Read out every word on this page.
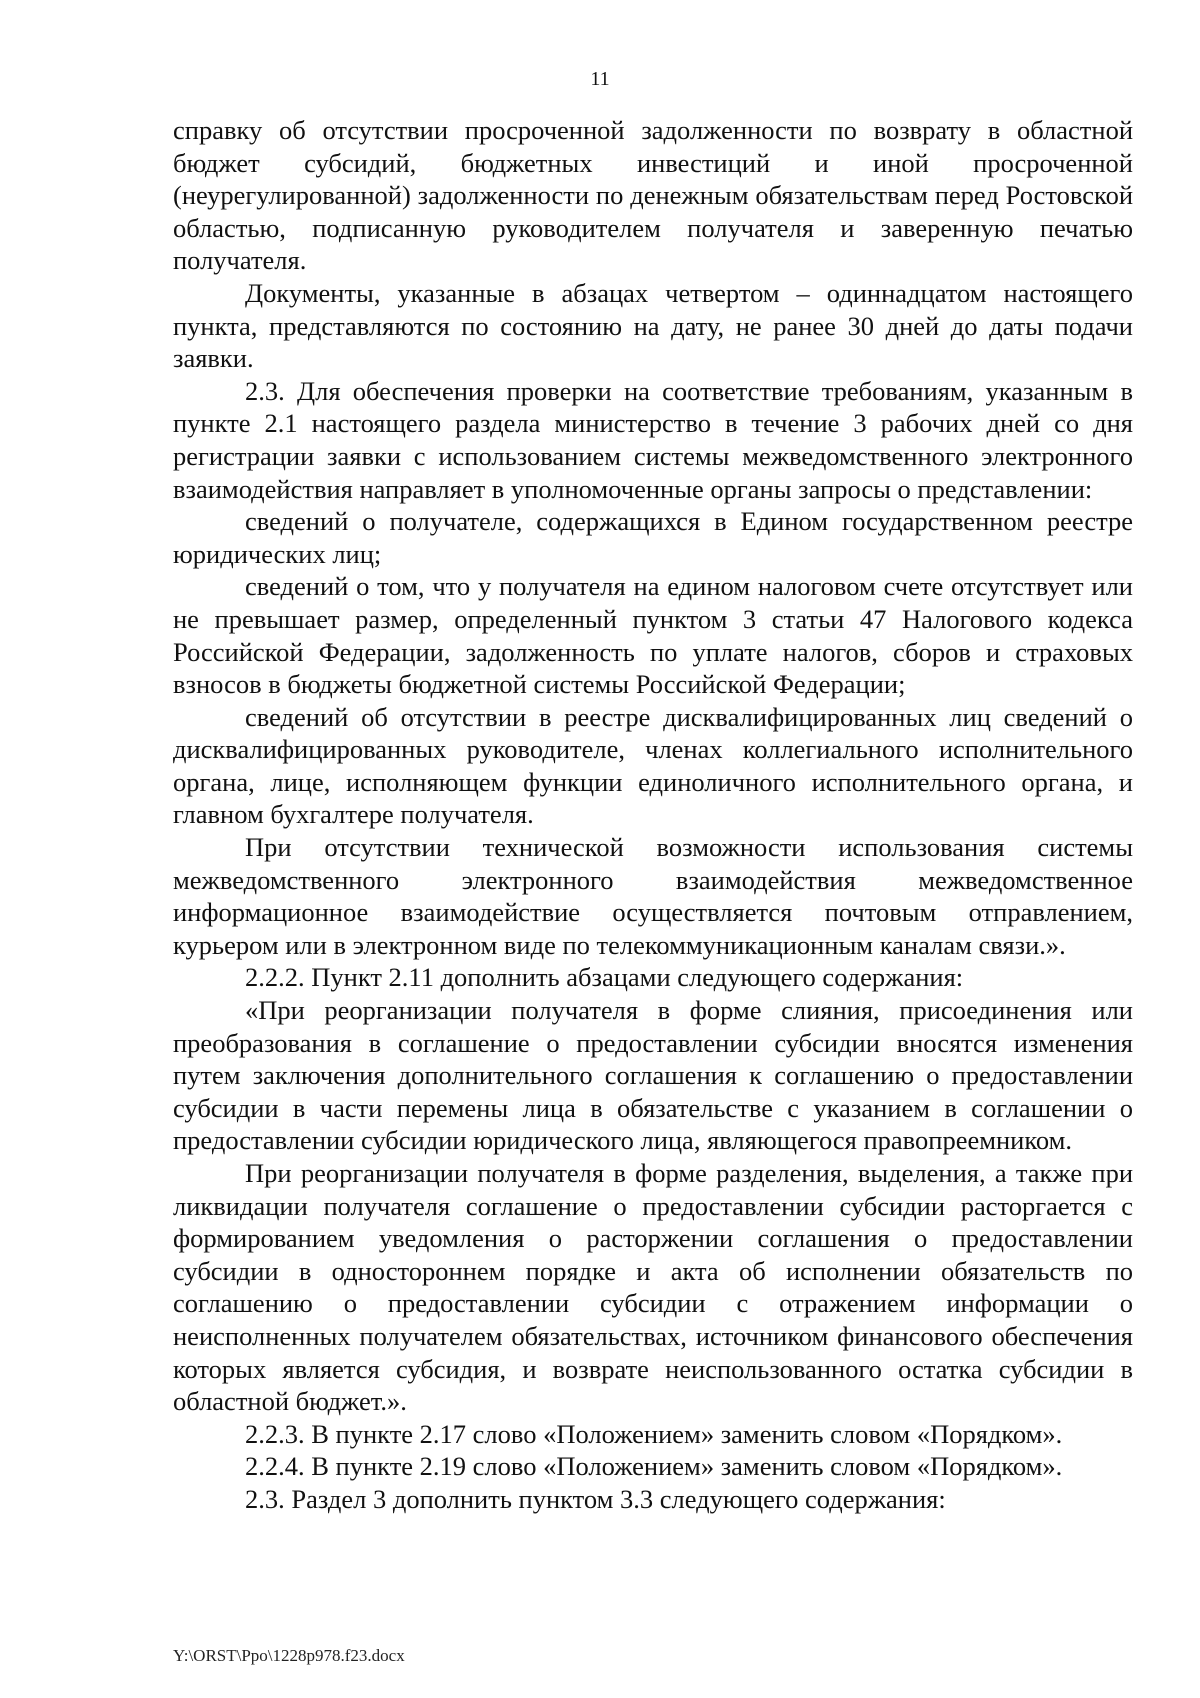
11

справку об отсутствии просроченной задолженности по возврату в областной бюджет субсидий, бюджетных инвестиций и иной просроченной (неурегулированной) задолженности по денежным обязательствам перед Ростовской областью, подписанную руководителем получателя и заверенную печатью получателя.

Документы, указанные в абзацах четвертом – одиннадцатом настоящего пункта, представляются по состоянию на дату, не ранее 30 дней до даты подачи заявки.

2.3. Для обеспечения проверки на соответствие требованиям, указанным в пункте 2.1 настоящего раздела министерство в течение 3 рабочих дней со дня регистрации заявки с использованием системы межведомственного электронного взаимодействия направляет в уполномоченные органы запросы о представлении:

сведений о получателе, содержащихся в Едином государственном реестре юридических лиц;

сведений о том, что у получателя на едином налоговом счете отсутствует или не превышает размер, определенный пунктом 3 статьи 47 Налогового кодекса Российской Федерации, задолженность по уплате налогов, сборов и страховых взносов в бюджеты бюджетной системы Российской Федерации;

сведений об отсутствии в реестре дисквалифицированных лиц сведений о дисквалифицированных руководителе, членах коллегиального исполнительного органа, лице, исполняющем функции единоличного исполнительного органа, и главном бухгалтере получателя.

При отсутствии технической возможности использования системы межведомственного электронного взаимодействия межведомственное информационное взаимодействие осуществляется почтовым отправлением, курьером или в электронном виде по телекоммуникационным каналам связи.».

2.2.2. Пункт 2.11 дополнить абзацами следующего содержания:

«При реорганизации получателя в форме слияния, присоединения или преобразования в соглашение о предоставлении субсидии вносятся изменения путем заключения дополнительного соглашения к соглашению о предоставлении субсидии в части перемены лица в обязательстве с указанием в соглашении о предоставлении субсидии юридического лица, являющегося правопреемником.

При реорганизации получателя в форме разделения, выделения, а также при ликвидации получателя соглашение о предоставлении субсидии расторгается с формированием уведомления о расторжении соглашения о предоставлении субсидии в одностороннем порядке и акта об исполнении обязательств по соглашению о предоставлении субсидии с отражением информации о неисполненных получателем обязательствах, источником финансового обеспечения которых является субсидия, и возврате неиспользованного остатка субсидии в областной бюджет.».

2.2.3. В пункте 2.17 слово «Положением» заменить словом «Порядком».

2.2.4. В пункте 2.19 слово «Положением» заменить словом «Порядком».

2.3. Раздел 3 дополнить пунктом 3.3 следующего содержания:

Y:\ORST\Ppo\1228p978.f23.docx
